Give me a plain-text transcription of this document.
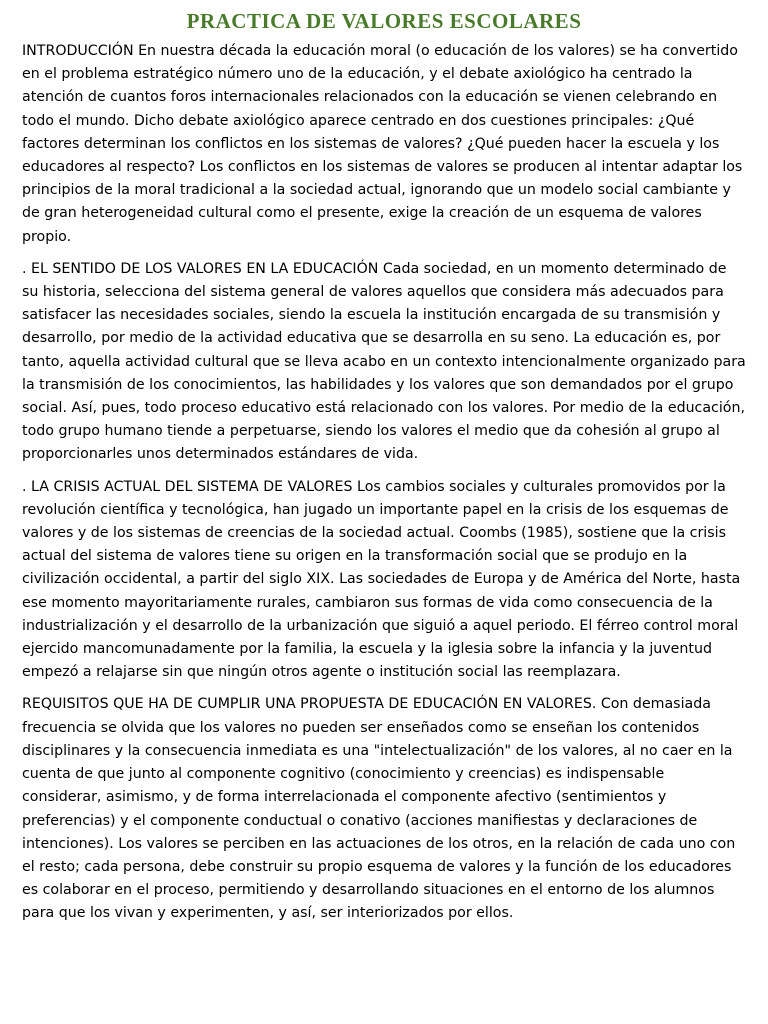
PRACTICA DE VALORES ESCOLARES

INTRODUCCIÓN En nuestra década la educación moral (o educación de los valores) se ha convertido en el problema estratégico número uno de la educación, y el debate axiológico ha centrado la atención de cuantos foros internacionales relacionados con la educación se vienen celebrando en todo el mundo. Dicho debate axiológico aparece centrado en dos cuestiones principales: ¿Qué factores determinan los conflictos en los sistemas de valores? ¿Qué pueden hacer la escuela y los educadores al respecto? Los conflictos en los sistemas de valores se producen al intentar adaptar los principios de la moral tradicional a la sociedad actual, ignorando que un modelo social cambiante y de gran heterogeneidad cultural como el presente, exige la creación de un esquema de valores propio.

. EL SENTIDO DE LOS VALORES EN LA EDUCACIÓN Cada sociedad, en un momento determinado de su historia, selecciona del sistema general de valores aquellos que considera más adecuados para satisfacer las necesidades sociales, siendo la escuela la institución encargada de su transmisión y desarrollo, por medio de la actividad educativa que se desarrolla en su seno. La educación es, por tanto, aquella actividad cultural que se lleva acabo en un contexto intencionalmente organizado para la transmisión de los conocimientos, las habilidades y los valores que son demandados por el grupo social. Así, pues, todo proceso educativo está relacionado con los valores. Por medio de la educación, todo grupo humano tiende a perpetuarse, siendo los valores el medio que da cohesión al grupo al proporcionarles unos determinados estándares de vida.

. LA CRISIS ACTUAL DEL SISTEMA DE VALORES Los cambios sociales y culturales promovidos por la revolución científica y tecnológica, han jugado un importante papel en la crisis de los esquemas de valores y de los sistemas de creencias de la sociedad actual. Coombs (1985), sostiene que la crisis actual del sistema de valores tiene su origen en la transformación social que se produjo en la civilización occidental, a partir del siglo XIX. Las sociedades de Europa y de América del Norte, hasta ese momento mayoritariamente rurales, cambiaron sus formas de vida como consecuencia de la industrialización y el desarrollo de la urbanización que siguió a aquel periodo. El férreo control moral ejercido mancomunadamente por la familia, la escuela y la iglesia sobre la infancia y la juventud empezó a relajarse sin que ningún otros agente o institución social las reemplazara.

REQUISITOS QUE HA DE CUMPLIR UNA PROPUESTA DE EDUCACIÓN EN VALORES. Con demasiada frecuencia se olvida que los valores no pueden ser enseñados como se enseñan los contenidos disciplinares y la consecuencia inmediata es una "intelectualización" de los valores, al no caer en la cuenta de que junto al componente cognitivo (conocimiento y creencias) es indispensable considerar, asimismo, y de forma interrelacionada el componente afectivo (sentimientos y preferencias) y el componente conductual o conativo (acciones manifiestas y declaraciones de intenciones). Los valores se perciben en las actuaciones de los otros, en la relación de cada uno con el resto; cada persona, debe construir su propio esquema de valores y la función de los educadores es colaborar en el proceso, permitiendo y desarrollando situaciones en el entorno de los alumnos para que los vivan y experimenten, y así, ser interiorizados por ellos.
